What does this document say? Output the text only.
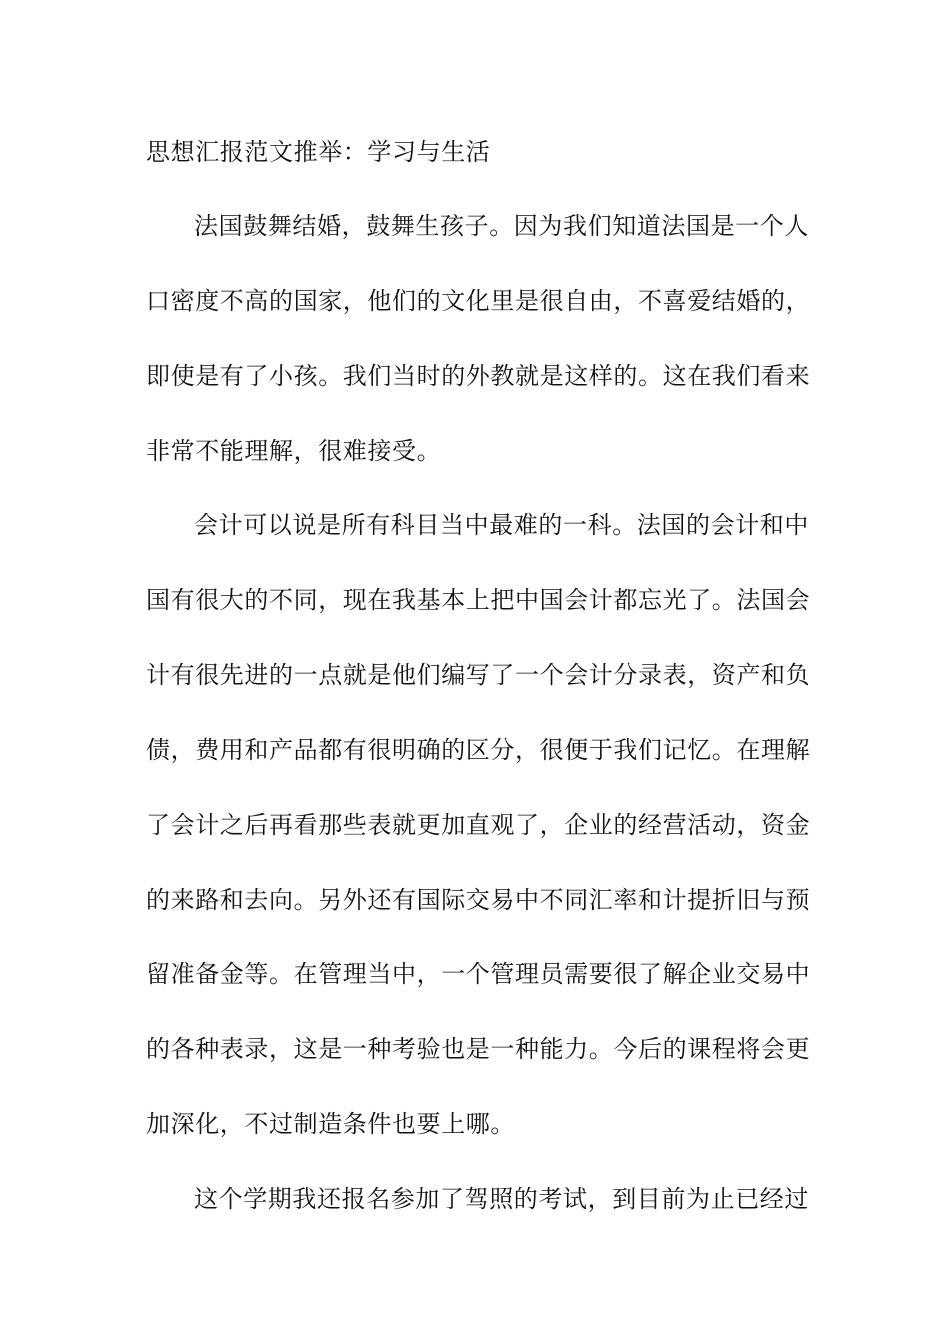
思想汇报范文推举：学习与生活
法国鼓舞结婚，鼓舞生孩子。因为我们知道法国是一个人
口密度不高的国家，他们的文化里是很自由，不喜爱结婚的，
即使是有了小孩。我们当时的外教就是这样的。这在我们看来
非常不能理解，很难接受。
会计可以说是所有科目当中最难的一科。法国的会计和中
国有很大的不同，现在我基本上把中国会计都忘光了。法国会
计有很先进的一点就是他们编写了一个会计分录表，资产和负
债，费用和产品都有很明确的区分，很便于我们记忆。在理解
了会计之后再看那些表就更加直观了，企业的经营活动，资金
的来路和去向。另外还有国际交易中不同汇率和计提折旧与预
留准备金等。在管理当中，一个管理员需要很了解企业交易中
的各种表录，这是一种考验也是一种能力。今后的课程将会更
加深化，不过制造条件也要上哪。
这个学期我还报名参加了驾照的考试，到目前为止已经过
